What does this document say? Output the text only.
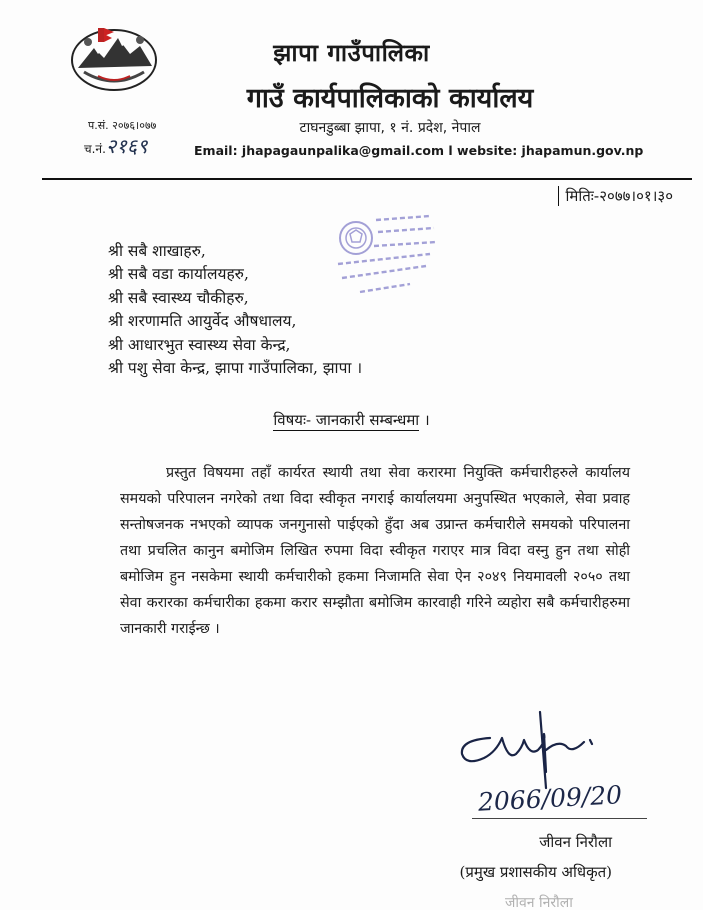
झापा गाउँपालिका
गाउँ कार्यपालिकाको कार्यालय
प.सं. २०७६।०७७
च.नं.२१६९
टाघनडुब्बा झापा, १ नं. प्रदेश, नेपाल
Email: jhapagaunpalika@gmail.com l website: jhapamun.gov.np
मितिः-२०७७।०१।३०
श्री सबै शाखाहरु,
श्री सबै वडा कार्यालयहरु,
श्री सबै स्वास्थ्य चौकीहरु,
श्री शरणामति आयुर्वेद औषधालय,
श्री आधारभुत स्वास्थ्य सेवा केन्द्र,
श्री पशु सेवा केन्द्र, झापा गाउँपालिका, झापा ।
विषयः- जानकारी सम्बन्धमा ।

प्रस्तुत विषयमा तहाँ कार्यरत स्थायी तथा सेवा करारमा नियुक्ति कर्मचारीहरुले कार्यालय समयको परिपालन नगरेको तथा विदा स्वीकृत नगराई कार्यालयमा अनुपस्थित भएकाले, सेवा प्रवाह सन्तोषजनक नभएको व्यापक जनगुनासो पाईएको हुँदा अब उप्रान्त कर्मचारीले समयको परिपालना तथा प्रचलित कानुन बमोजिम लिखित रुपमा विदा स्वीकृत गराएर मात्र विदा वस्नु हुन तथा सोही बमोजिम हुन नसकेमा स्थायी कर्मचारीको हकमा निजामति सेवा ऐन २०४९ नियमावली २०५० तथा सेवा करारका कर्मचारीका हकमा करार सम्झौता बमोजिम कारवाही गरिने व्यहोरा सबै कर्मचारीहरुमा जानकारी गराईन्छ ।

2066/09/20
जीवन निरौला
(प्रमुख प्रशासकीय अधिकृत)
जीवन निरौला
